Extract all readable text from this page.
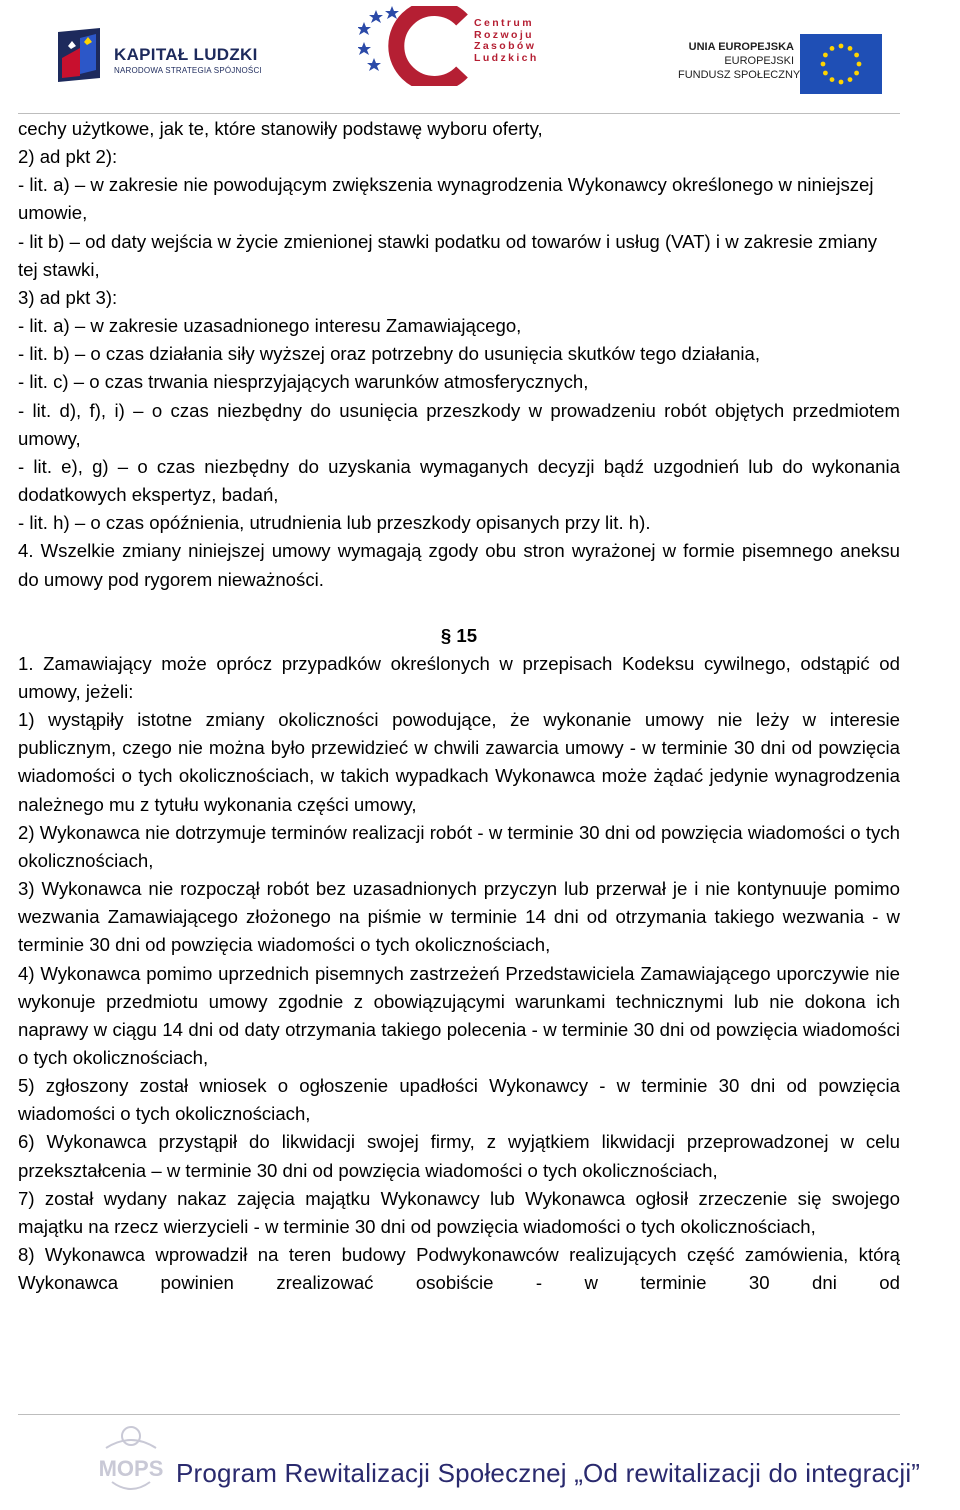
KAPITAŁ LUDZKI
NARODOWA STRATEGIA SPÓJNOŚCI
Centrum
Rozwoju
Zasobów
Ludzkich
UNIA EUROPEJSKA
EUROPEJSKI
FUNDUSZ SPOŁECZNY

cechy użytkowe, jak te, które stanowiły podstawę wyboru oferty,

2) ad pkt 2):

- lit. a) – w zakresie nie powodującym zwiększenia wynagrodzenia Wykonawcy określonego w niniejszej umowie,

- lit b) – od daty wejścia w życie zmienionej stawki podatku od towarów i usług (VAT) i w zakresie zmiany tej stawki,

3) ad pkt 3):

- lit. a) – w zakresie uzasadnionego interesu Zamawiającego,

- lit. b) – o czas działania siły wyższej oraz potrzebny do usunięcia skutków tego działania,

- lit. c) – o czas trwania niesprzyjających warunków atmosferycznych,

- lit. d), f), i) – o czas niezbędny do usunięcia przeszkody w prowadzeniu robót objętych przedmiotem umowy,

- lit. e), g) – o czas niezbędny do uzyskania wymaganych decyzji bądź uzgodnień lub do wykonania dodatkowych ekspertyz, badań,

- lit. h) – o czas opóźnienia, utrudnienia lub przeszkody opisanych przy lit. h).

4. Wszelkie zmiany niniejszej umowy wymagają zgody obu stron wyrażonej w formie pisemnego aneksu do umowy pod rygorem nieważności.

§ 15

1. Zamawiający może oprócz przypadków określonych w przepisach Kodeksu cywilnego, odstąpić od umowy, jeżeli:

1) wystąpiły istotne zmiany okoliczności powodujące, że wykonanie umowy nie leży w interesie publicznym, czego nie można było przewidzieć w chwili zawarcia umowy - w terminie 30 dni od powzięcia wiadomości o tych okolicznościach, w takich wypadkach Wykonawca może żądać jedynie wynagrodzenia należnego mu z tytułu wykonania części umowy,

2) Wykonawca nie dotrzymuje terminów realizacji robót - w terminie 30 dni od powzięcia wiadomości o tych okolicznościach,

3) Wykonawca nie rozpoczął robót bez uzasadnionych przyczyn lub przerwał je i nie kontynuuje pomimo wezwania Zamawiającego złożonego na piśmie w terminie 14 dni od otrzymania takiego wezwania - w terminie 30 dni od powzięcia wiadomości o tych okolicznościach,

4) Wykonawca pomimo uprzednich pisemnych zastrzeżeń Przedstawiciela Zamawiającego uporczywie nie wykonuje przedmiotu umowy zgodnie z obowiązującymi warunkami technicznymi lub nie dokona ich naprawy w ciągu 14 dni od daty otrzymania takiego polecenia - w terminie 30 dni od powzięcia wiadomości o tych okolicznościach,

5) zgłoszony został wniosek o ogłoszenie upadłości Wykonawcy - w terminie 30 dni od powzięcia wiadomości o tych okolicznościach,

6) Wykonawca przystąpił do likwidacji swojej firmy, z wyjątkiem likwidacji przeprowadzonej w celu przekształcenia – w terminie 30 dni od powzięcia wiadomości o tych okolicznościach,

7) został wydany nakaz zajęcia majątku Wykonawcy lub Wykonawca ogłosił zrzeczenie się swojego majątku na rzecz wierzycieli - w terminie 30 dni od powzięcia wiadomości o tych okolicznościach,

8) Wykonawca wprowadził na teren budowy Podwykonawców realizujących część zamówienia, którą Wykonawca powinien zrealizować osobiście - w terminie 30 dni od

MOPS Program Rewitalizacji Społecznej „Od rewitalizacji do integracji”
